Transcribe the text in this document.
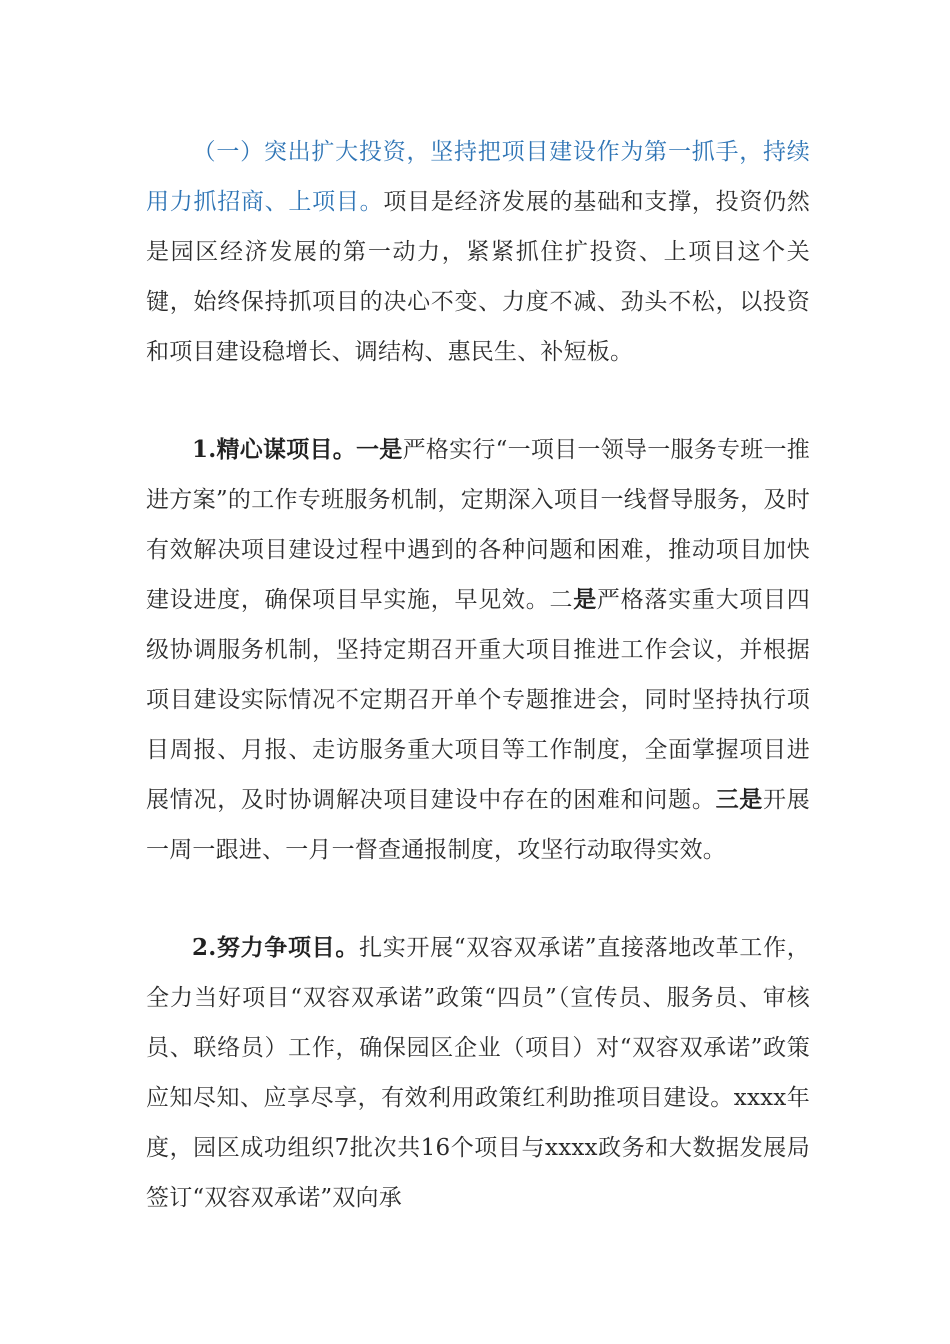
（一）突出扩大投资，坚持把项目建设作为第一抓手，持续用力抓招商、上项目。项目是经济发展的基础和支撑，投资仍然是园区经济发展的第一动力，紧紧抓住扩投资、上项目这个关键，始终保持抓项目的决心不变、力度不减、劲头不松，以投资和项目建设稳增长、调结构、惠民生、补短板。

1.精心谋项目。一是严格实行“一项目一领导一服务专班一推进方案”的工作专班服务机制，定期深入项目一线督导服务，及时有效解决项目建设过程中遇到的各种问题和困难，推动项目加快建设进度，确保项目早实施，早见效。二是严格落实重大项目四级协调服务机制，坚持定期召开重大项目推进工作会议，并根据项目建设实际情况不定期召开单个专题推进会，同时坚持执行项目周报、月报、走访服务重大项目等工作制度，全面掌握项目进展情况，及时协调解决项目建设中存在的困难和问题。三是开展一周一跟进、一月一督查通报制度，攻坚行动取得实效。

2.努力争项目。扎实开展“双容双承诺”直接落地改革工作，全力当好项目“双容双承诺”政策“四员”（宣传员、服务员、审核员、联络员）工作，确保园区企业（项目）对“双容双承诺”政策应知尽知、应享尽享，有效利用政策红利助推项目建设。xxxx年度，园区成功组织7批次共16个项目与xxxx政务和大数据发展局签订“双容双承诺”双向承
